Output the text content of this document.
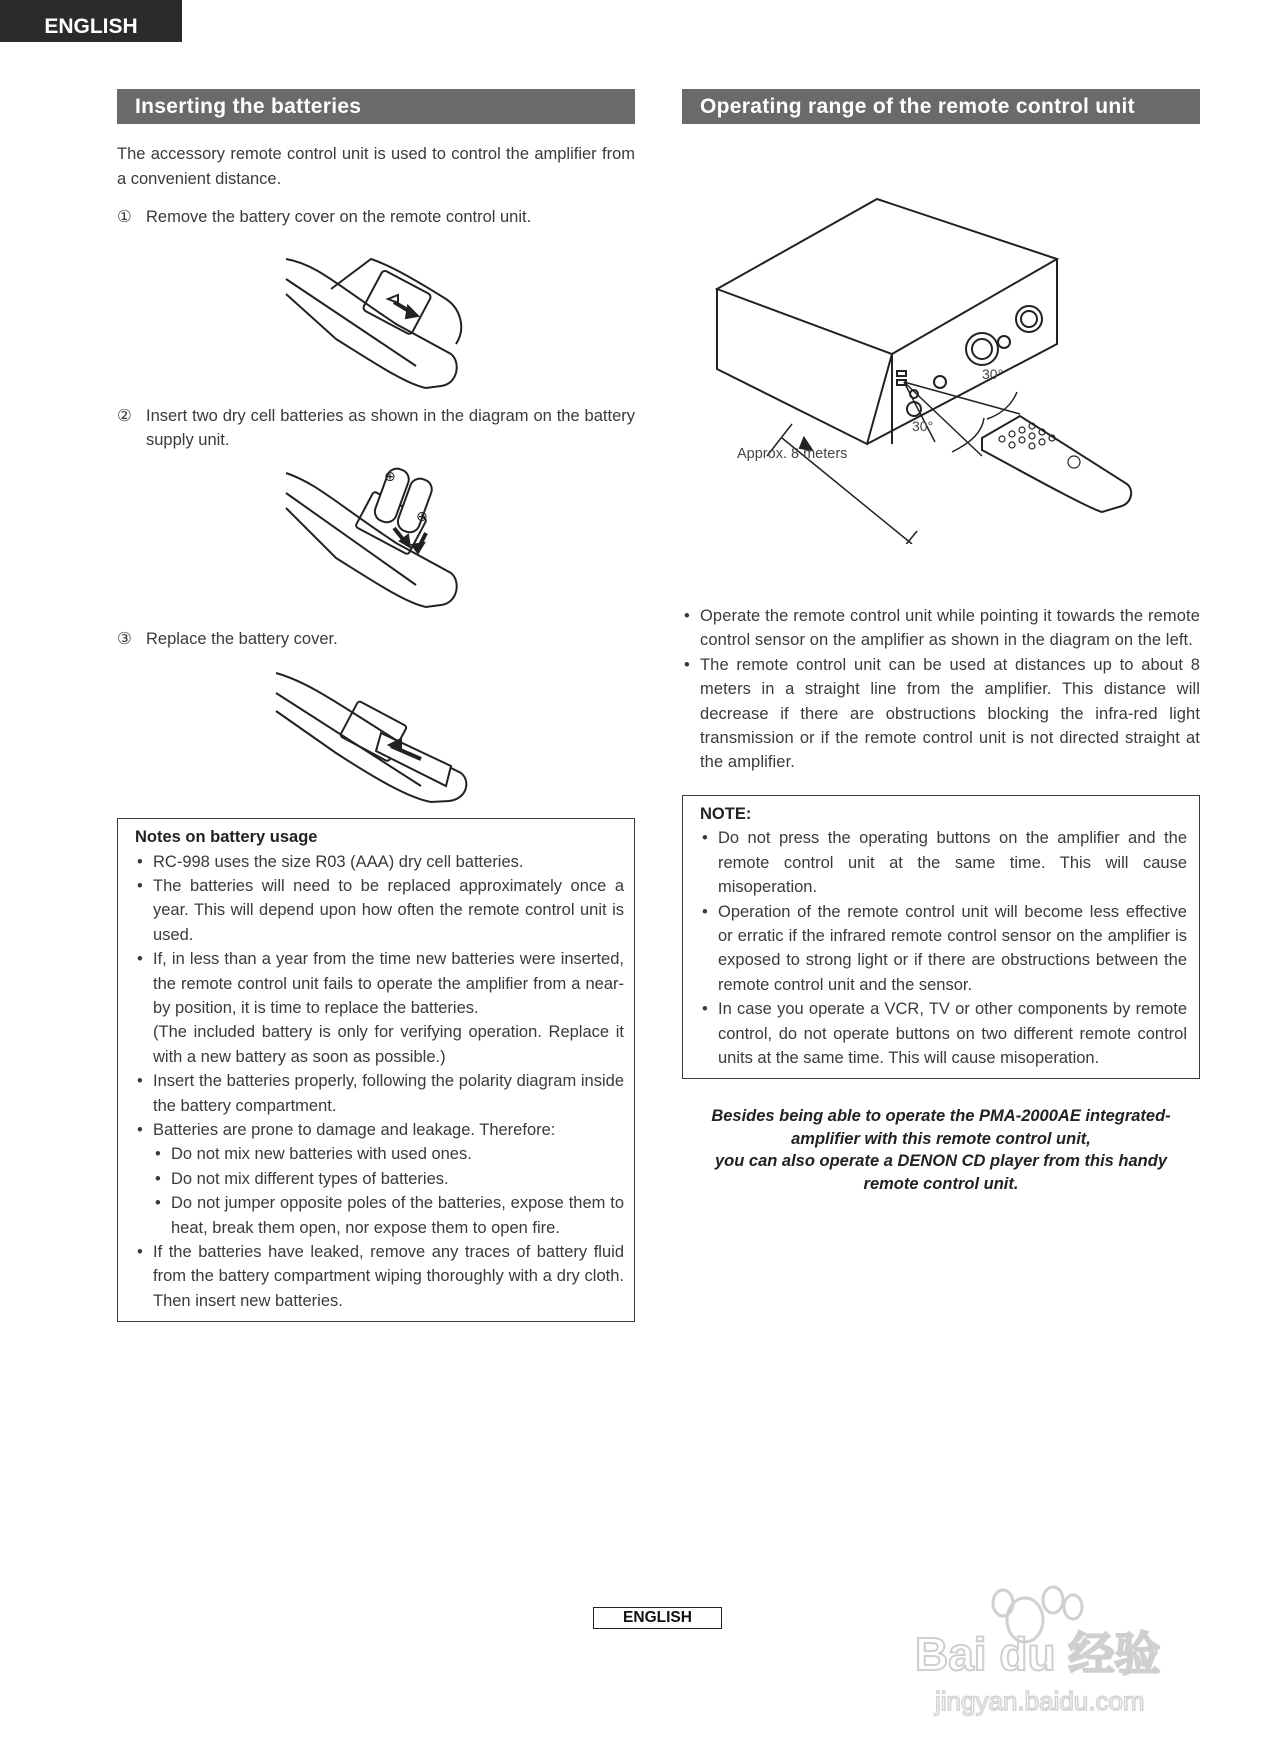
ENGLISH
Inserting the batteries
The accessory remote control unit is used to control the amplifier from a convenient distance.
① Remove the battery cover on the remote control unit.
② Insert two dry cell batteries as shown in the diagram on the battery supply unit.
⊕
⊕
③ Replace the battery cover.
Notes on battery usage
• RC-998 uses the size R03 (AAA) dry cell batteries.
• The batteries will need to be replaced approximately once a year. This will depend upon how often the remote control unit is used.
• If, in less than a year from the time new batteries were inserted, the remote control unit fails to operate the amplifier from a near-by position, it is time to replace the batteries.
(The included battery is only for verifying operation. Replace it with a new battery as soon as possible.)
• Insert the batteries properly, following the polarity diagram inside the battery compartment.
• Batteries are prone to damage and leakage. Therefore:
• Do not mix new batteries with used ones.
• Do not mix different types of batteries.
• Do not jumper opposite poles of the batteries, expose them to heat, break them open, nor expose them to open fire.
• If the batteries have leaked, remove any traces of battery fluid from the battery compartment wiping thoroughly with a dry cloth. Then insert new batteries.
Operating range of the remote control unit
30°
30°
Approx. 8 meters
• Operate the remote control unit while pointing it towards the remote control sensor on the amplifier as shown in the diagram on the left.
• The remote control unit can be used at distances up to about 8 meters in a straight line from the amplifier. This distance will decrease if there are obstructions blocking the infra-red light transmission or if the remote control unit is not directed straight at the amplifier.
NOTE:
• Do not press the operating buttons on the amplifier and the remote control unit at the same time. This will cause misoperation.
• Operation of the remote control unit will become less effective or erratic if the infrared remote control sensor on the amplifier is exposed to strong light or if there are obstructions between the remote control unit and the sensor.
• In case you operate a VCR, TV or other components by remote control, do not operate buttons on two different remote control units at the same time. This will cause misoperation.
Besides being able to operate the PMA-2000AE integrated-
amplifier with this remote control unit,
you can also operate a DENON CD player from this handy
remote control unit.
ENGLISH
Bai du 经验
jingyan.baidu.com
